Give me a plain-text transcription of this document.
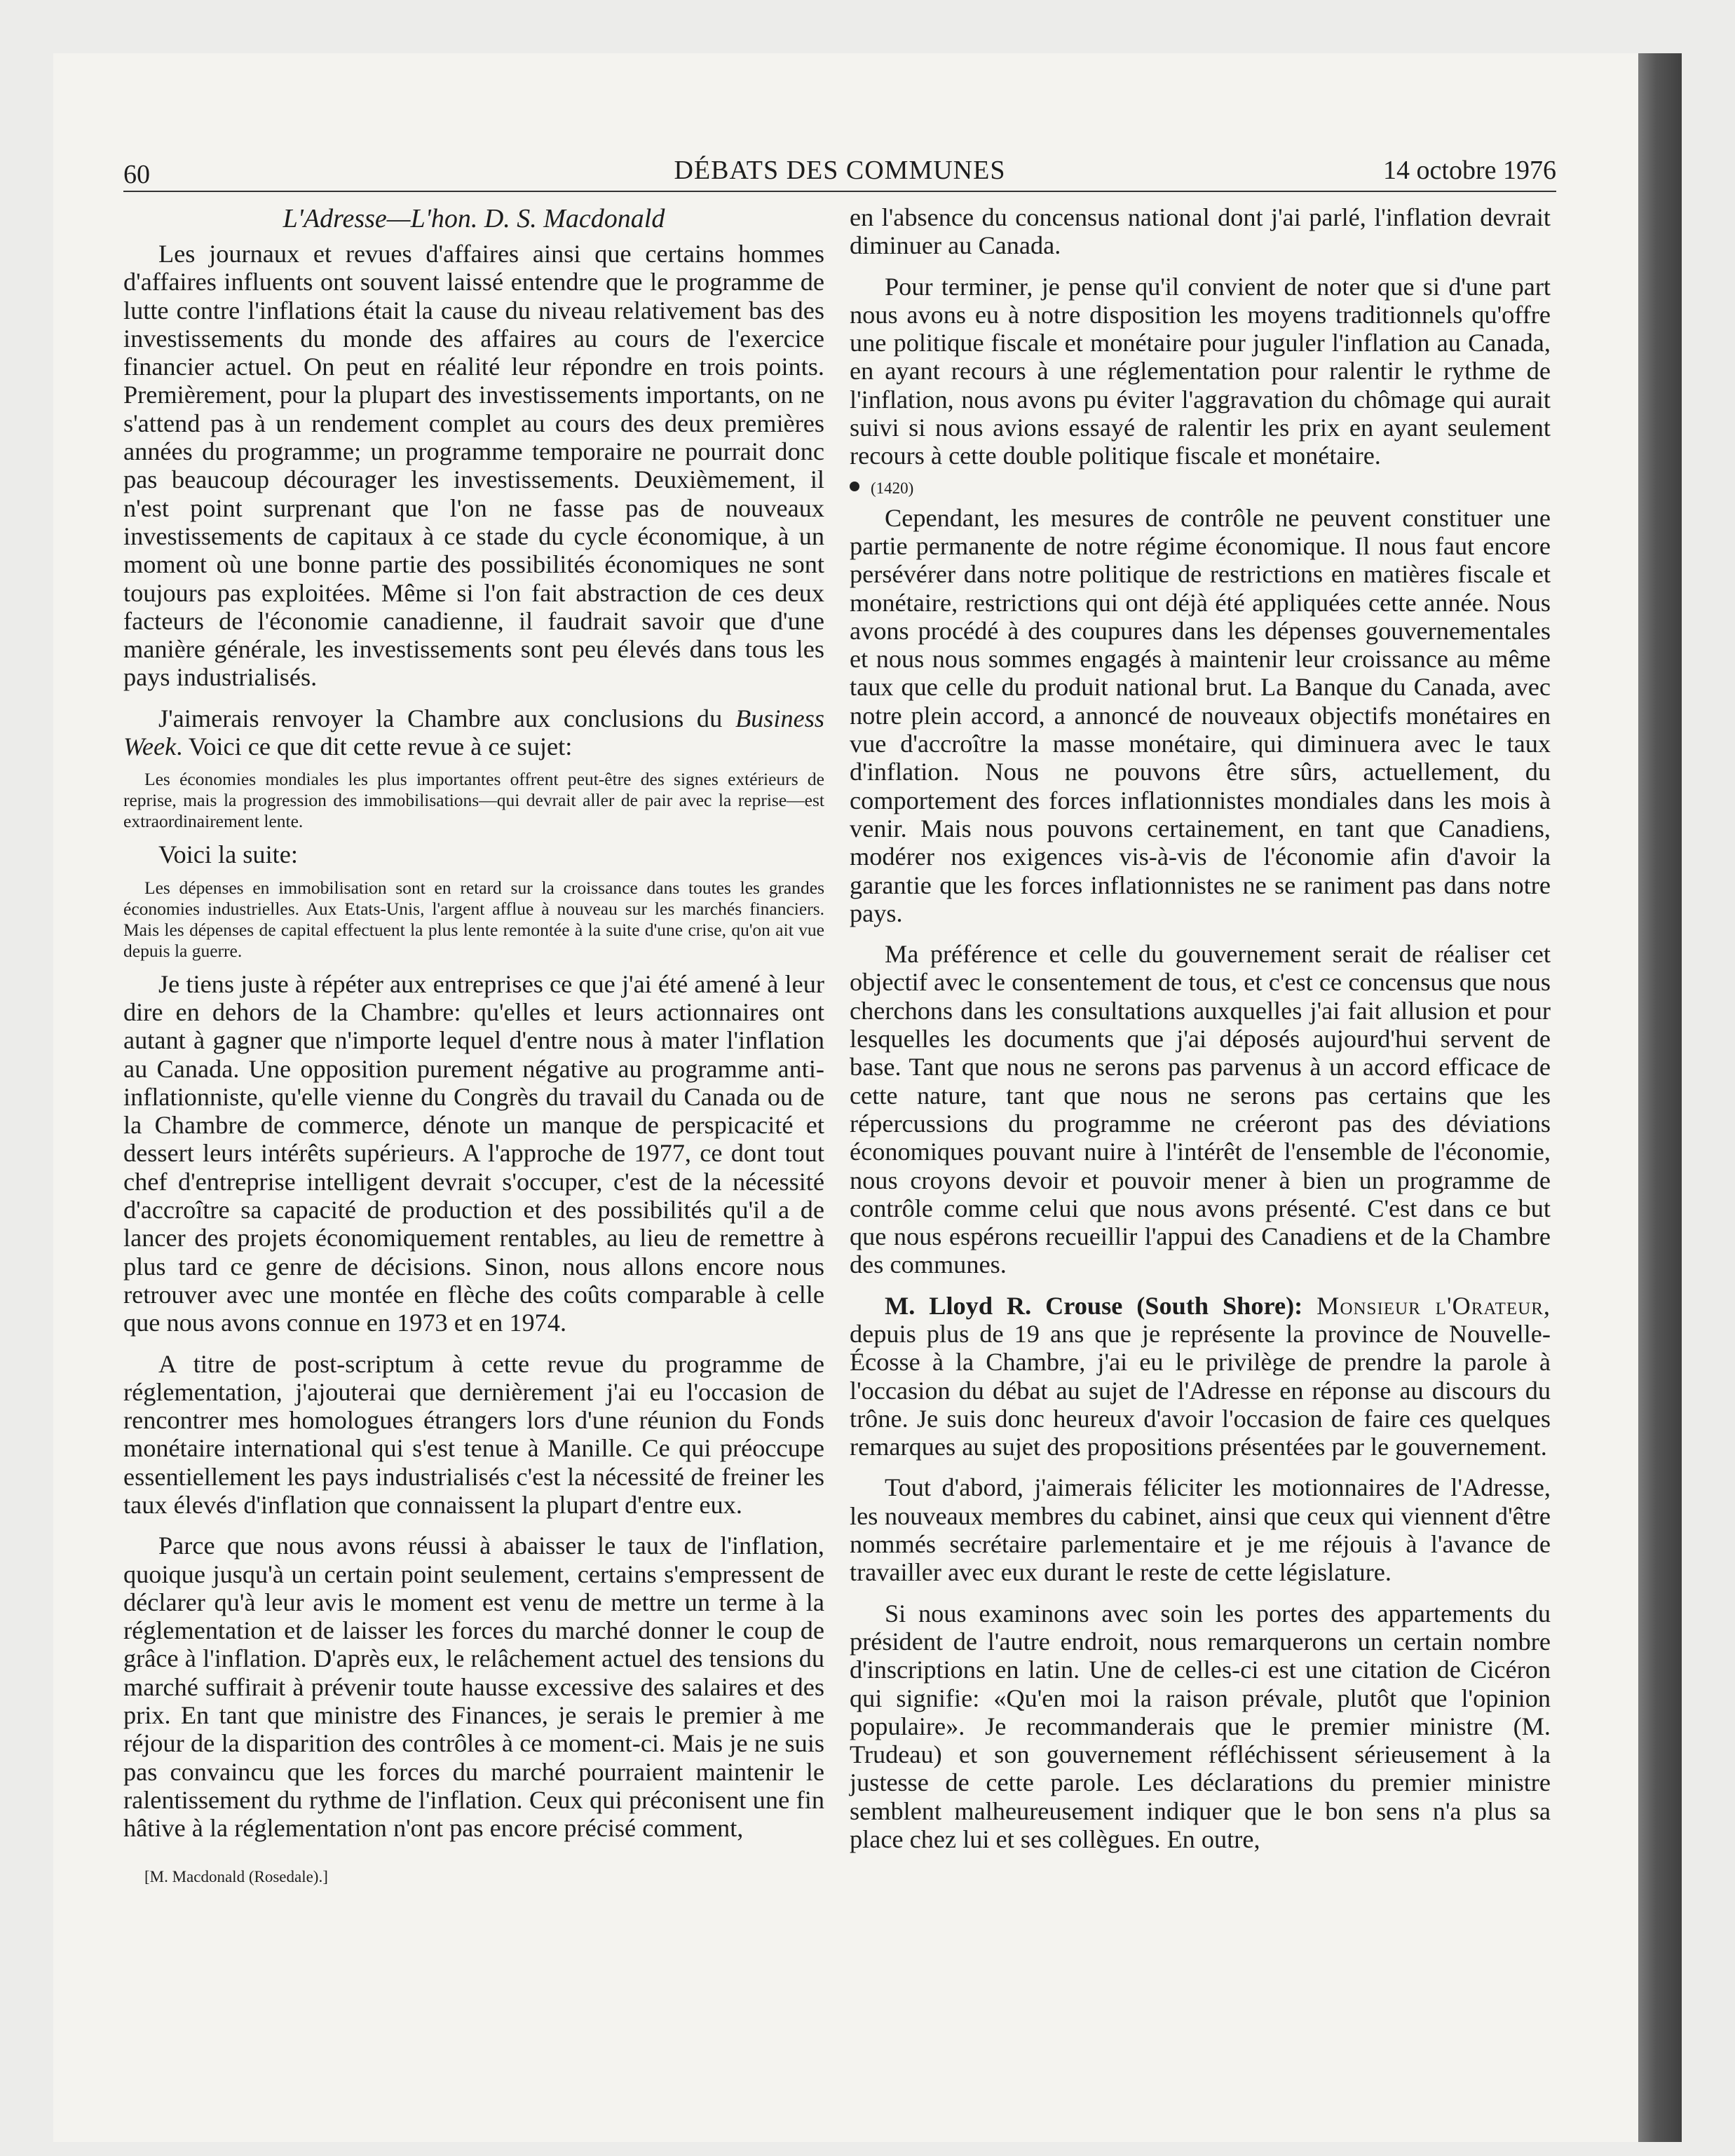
60	DÉBATS DES COMMUNES	14 octobre 1976
L'Adresse—L'hon. D. S. Macdonald

Les journaux et revues d'affaires ainsi que certains hommes d'affaires influents ont souvent laissé entendre que le programme de lutte contre l'inflations était la cause du niveau relativement bas des investissements du monde des affaires au cours de l'exercice financier actuel. On peut en réalité leur répondre en trois points. Premièrement, pour la plupart des investissements importants, on ne s'attend pas à un rendement complet au cours des deux premières années du programme; un programme temporaire ne pourrait donc pas beaucoup décourager les investissements. Deuxièmement, il n'est point surprenant que l'on ne fasse pas de nouveaux investissements de capitaux à ce stade du cycle économique, à un moment où une bonne partie des possibilités économiques ne sont toujours pas exploitées. Même si l'on fait abstraction de ces deux facteurs de l'économie canadienne, il faudrait savoir que d'une manière générale, les investissements sont peu élevés dans tous les pays industrialisés.

J'aimerais renvoyer la Chambre aux conclusions du Business Week. Voici ce que dit cette revue à ce sujet:

Les économies mondiales les plus importantes offrent peut-être des signes extérieurs de reprise, mais la progression des immobilisations—qui devrait aller de pair avec la reprise—est extraordinairement lente.

Voici la suite:

Les dépenses en immobilisation sont en retard sur la croissance dans toutes les grandes économies industrielles. Aux Etats-Unis, l'argent afflue à nouveau sur les marchés financiers. Mais les dépenses de capital effectuent la plus lente remontée à la suite d'une crise, qu'on ait vue depuis la guerre.

Je tiens juste à répéter aux entreprises ce que j'ai été amené à leur dire en dehors de la Chambre: qu'elles et leurs actionnaires ont autant à gagner que n'importe lequel d'entre nous à mater l'inflation au Canada. Une opposition purement négative au programme anti-inflationniste, qu'elle vienne du Congrès du travail du Canada ou de la Chambre de commerce, dénote un manque de perspicacité et dessert leurs intérêts supérieurs. A l'approche de 1977, ce dont tout chef d'entreprise intelligent devrait s'occuper, c'est de la nécessité d'accroître sa capacité de production et des possibilités qu'il a de lancer des projets économiquement rentables, au lieu de remettre à plus tard ce genre de décisions. Sinon, nous allons encore nous retrouver avec une montée en flèche des coûts comparable à celle que nous avons connue en 1973 et en 1974.

A titre de post-scriptum à cette revue du programme de réglementation, j'ajouterai que dernièrement j'ai eu l'occasion de rencontrer mes homologues étrangers lors d'une réunion du Fonds monétaire international qui s'est tenue à Manille. Ce qui préoccupe essentiellement les pays industrialisés c'est la nécessité de freiner les taux élevés d'inflation que connaissent la plupart d'entre eux.

Parce que nous avons réussi à abaisser le taux de l'inflation, quoique jusqu'à un certain point seulement, certains s'empressent de déclarer qu'à leur avis le moment est venu de mettre un terme à la réglementation et de laisser les forces du marché donner le coup de grâce à l'inflation. D'après eux, le relâchement actuel des tensions du marché suffirait à prévenir toute hausse excessive des salaires et des prix. En tant que ministre des Finances, je serais le premier à me réjour de la disparition des contrôles à ce moment-ci. Mais je ne suis pas convaincu que les forces du marché pourraient maintenir le ralentissement du rythme de l'inflation. Ceux qui préconisent une fin hâtive à la réglementation n'ont pas encore précisé comment,

[M. Macdonald (Rosedale).]

en l'absence du concensus national dont j'ai parlé, l'inflation devrait diminuer au Canada.

Pour terminer, je pense qu'il convient de noter que si d'une part nous avons eu à notre disposition les moyens traditionnels qu'offre une politique fiscale et monétaire pour juguler l'inflation au Canada, en ayant recours à une réglementation pour ralentir le rythme de l'inflation, nous avons pu éviter l'aggravation du chômage qui aurait suivi si nous avions essayé de ralentir les prix en ayant seulement recours à cette double politique fiscale et monétaire.

(1420)

Cependant, les mesures de contrôle ne peuvent constituer une partie permanente de notre régime économique. Il nous faut encore persévérer dans notre politique de restrictions en matières fiscale et monétaire, restrictions qui ont déjà été appliquées cette année. Nous avons procédé à des coupures dans les dépenses gouvernementales et nous nous sommes engagés à maintenir leur croissance au même taux que celle du produit national brut. La Banque du Canada, avec notre plein accord, a annoncé de nouveaux objectifs monétaires en vue d'accroître la masse monétaire, qui diminuera avec le taux d'inflation. Nous ne pouvons être sûrs, actuellement, du comportement des forces inflationnistes mondiales dans les mois à venir. Mais nous pouvons certainement, en tant que Canadiens, modérer nos exigences vis-à-vis de l'économie afin d'avoir la garantie que les forces inflationnistes ne se raniment pas dans notre pays.

Ma préférence et celle du gouvernement serait de réaliser cet objectif avec le consentement de tous, et c'est ce concensus que nous cherchons dans les consultations auxquelles j'ai fait allusion et pour lesquelles les documents que j'ai déposés aujourd'hui servent de base. Tant que nous ne serons pas parvenus à un accord efficace de cette nature, tant que nous ne serons pas certains que les répercussions du programme ne créeront pas des déviations économiques pouvant nuire à l'intérêt de l'ensemble de l'économie, nous croyons devoir et pouvoir mener à bien un programme de contrôle comme celui que nous avons présenté. C'est dans ce but que nous espérons recueillir l'appui des Canadiens et de la Chambre des communes.

M. Lloyd R. Crouse (South Shore): Monsieur l'Orateur, depuis plus de 19 ans que je représente la province de Nouvelle-Écosse à la Chambre, j'ai eu le privilège de prendre la parole à l'occasion du débat au sujet de l'Adresse en réponse au discours du trône. Je suis donc heureux d'avoir l'occasion de faire ces quelques remarques au sujet des propositions présentées par le gouvernement.

Tout d'abord, j'aimerais féliciter les motionnaires de l'Adresse, les nouveaux membres du cabinet, ainsi que ceux qui viennent d'être nommés secrétaire parlementaire et je me réjouis à l'avance de travailler avec eux durant le reste de cette législature.

Si nous examinons avec soin les portes des appartements du président de l'autre endroit, nous remarquerons un certain nombre d'inscriptions en latin. Une de celles-ci est une citation de Cicéron qui signifie: «Qu'en moi la raison prévale, plutôt que l'opinion populaire». Je recommanderais que le premier ministre (M. Trudeau) et son gouvernement réfléchissent sérieusement à la justesse de cette parole. Les déclarations du premier ministre semblent malheureusement indiquer que le bon sens n'a plus sa place chez lui et ses collègues. En outre,
